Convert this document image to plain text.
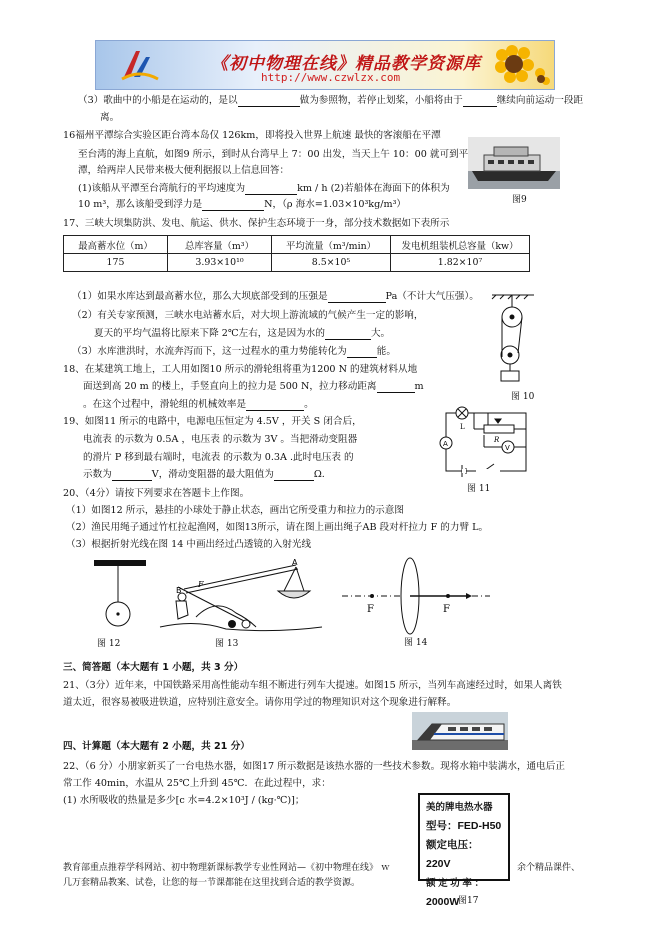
《初中物理在线》精品教学资源库
http://www.czwlzx.com
（3）歌曲中的小船是在运动的，是以	做为参照物，若停止划桨，小船将由于	继续向前运动一段距
离。
16福州平潭综合实验区距台湾本岛仅 126km，即将投入世界上航速 最快的客滚船在平潭
至台湾的海上直航，如图9 所示，到时从台湾早上 7：00 出发，当天上午 10：00 就可到平
潭，给两岸人民带来极大便利据报以上信息回答：
(1)该船从平潭至台湾航行的平均速度为	km / h (2)若船体在海面下的体积为
10 m³，那么该船受到浮力是	N，（ρ 海水=1.03×10³kg/m³）	图9
17、三峡大坝集防洪、发电、航运、供水、保护生态环境于一身，部分技术数据如下表所示
最高蓄水位（m）	总库容量（m³）	平均流量（m³/min）	发电机组装机总容量（kw）
175	3.93×10¹⁰	8.5×10⁵	1.82×10⁷
（1）如果水库达到最高蓄水位，那么大坝底部受到的压强是	Pa（不计大气压强）。
（2）有关专家预测，三峡水电站蓄水后，对大坝上游流域的气候产生一定的影响，
夏天的平均气温将比原来下降 2℃左右，这是因为水的	大。
（3）水库泄洪时，水流奔泻而下，这一过程水的重力势能转化为	能。
图 10
18、在某建筑工地上，工人用如图10 所示的滑轮组将重为1200 N 的建筑材料从地
面送到高 20 m 的楼上，手竖直向上的拉力是 500 N，拉力移动距离	m
。在这个过程中，滑轮组的机械效率是	。
19、如图11 所示的电路中，电源电压恒定为 4.5V ，开关 S 闭合后，
电流表 的示数为 0.5A ，电压表 的示数为 3V 。当把滑动变阻器
的滑片 P 移到最右端时，电流表 的示数为 0.3A .此时电压表 的
示数为	V，滑动变阻器的最大阻值为	Ω.
A	V
L
R
图 11
20、（4分）请按下列要求在答题卡上作图。
（1）如图12 所示，悬挂的小球处于静止状态，画出它所受重力和拉力的示意图
（2）渔民用绳子通过竹杠拉起渔网，如图13所示，请在图上画出绳子AB 段对杆拉力 F 的力臂 L。
（3）根据折射光线在图 14 中画出经过凸透镜的入射光线
图 12
B
A
F
图 13
F	F
图 14
三、简答题（本大题有 1 小题，共 3 分）
21、（3分）近年来，中国铁路采用高性能动车组不断进行列车大提速。如图15 所示，当列车高速经过时，如果人离铁
道太近，很容易被吸进铁道，应特别注意安全。请你用学过的物理知识对这个现象进行解释。
四、计算题（本大题有 2 小题，共 21 分）
22、（6 分）小朋家新买了一台电热水器，如图17 所示数据是该热水器的一些技术参数。现将水箱中装满水，通电后正
常工作 40min，水温从 25℃上升到 45℃．在此过程中，求：
(1) 水所吸收的热量是多少[c 水=4.2×10³J / (kg·℃)]；
美的牌电热水器
型号：FED-H50
额定电压：220V
额 定 功 率 ：
2000W
图17
教育部重点推荐学科网站、初中物理新课标教学专业性网站—《初中物理在线》 ｗ	余个精品课件、
几万套精品教案、试卷，让您的每一节课都能在这里找到合适的教学资源。
